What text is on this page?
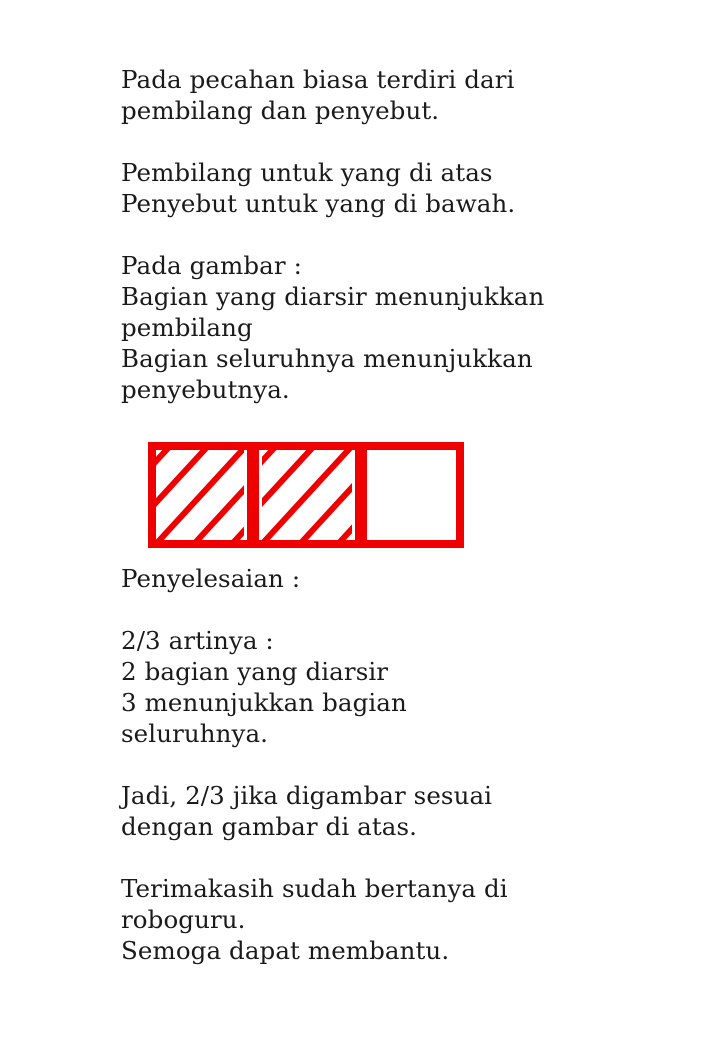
Pada pecahan biasa terdiri dari
pembilang dan penyebut.
Pembilang untuk yang di atas
Penyebut untuk yang di bawah.
Pada gambar :
Bagian yang diarsir menunjukkan
pembilang
Bagian seluruhnya menunjukkan
penyebutnya.
Penyelesaian :
2/3 artinya :
2 bagian yang diarsir
3 menunjukkan bagian
seluruhnya.
Jadi, 2/3 jika digambar sesuai
dengan gambar di atas.
Terimakasih sudah bertanya di
roboguru.
Semoga dapat membantu.
